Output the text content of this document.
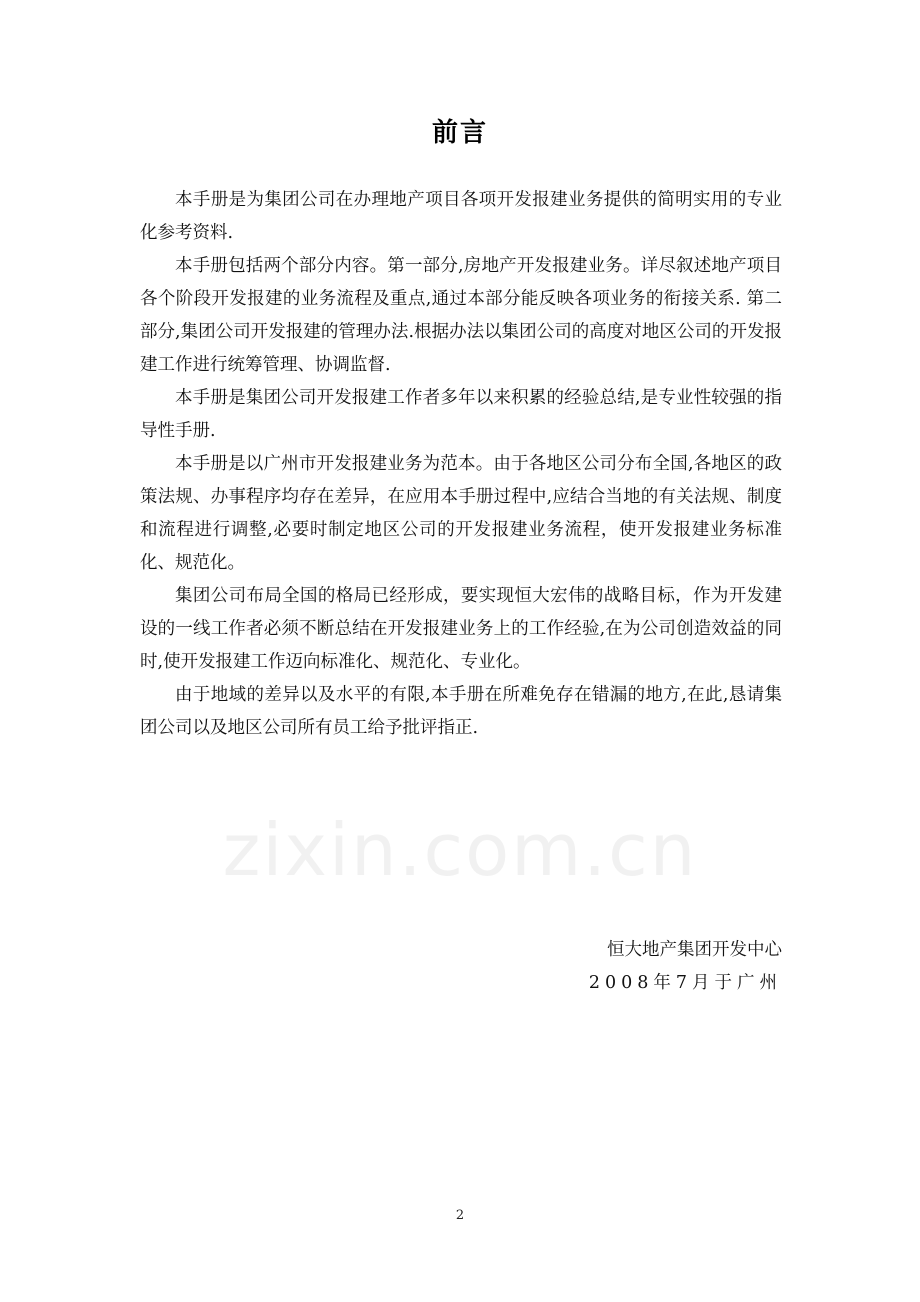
zixin.com.cn
前言

本手册是为集团公司在办理地产项目各项开发报建业务提供的简明实用的专业化参考资料.

本手册包括两个部分内容。第一部分,房地产开发报建业务。详尽叙述地产项目各个阶段开发报建的业务流程及重点,通过本部分能反映各项业务的衔接关系. 第二部分,集团公司开发报建的管理办法.根据办法以集团公司的高度对地区公司的开发报建工作进行统筹管理、协调监督.

本手册是集团公司开发报建工作者多年以来积累的经验总结,是专业性较强的指导性手册.

本手册是以广州市开发报建业务为范本。由于各地区公司分布全国,各地区的政策法规、办事程序均存在差异，在应用本手册过程中,应结合当地的有关法规、制度和流程进行调整,必要时制定地区公司的开发报建业务流程，使开发报建业务标准化、规范化。

集团公司布局全国的格局已经形成，要实现恒大宏伟的战略目标，作为开发建设的一线工作者必须不断总结在开发报建业务上的工作经验,在为公司创造效益的同时,使开发报建工作迈向标准化、规范化、专业化。

由于地域的差异以及水平的有限,本手册在所难免存在错漏的地方,在此,恳请集团公司以及地区公司所有员工给予批评指正.

恒大地产集团开发中心
2008年7月于广州
2
